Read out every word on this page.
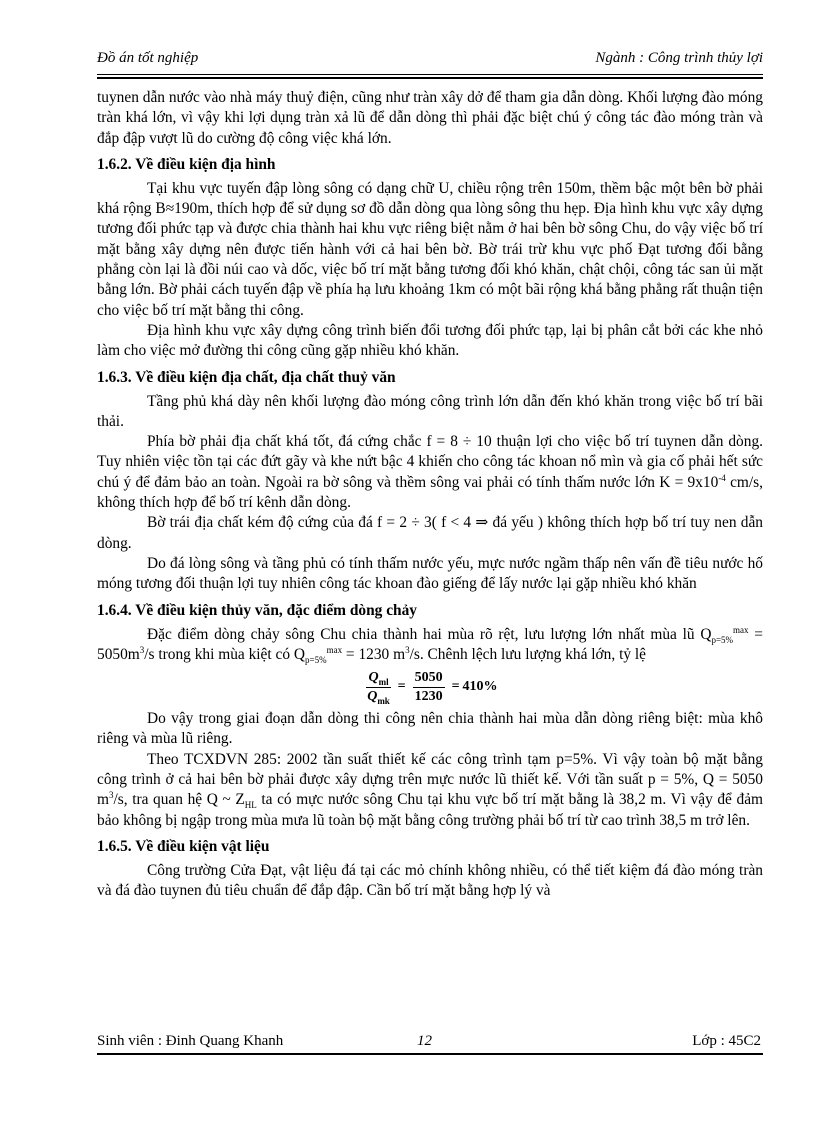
Đồ án tốt nghiệp	Ngành : Công trình thủy lợi

tuynen dẫn nước vào nhà máy thuỷ điện, cũng như tràn xây dở để tham gia dẫn dòng. Khối lượng đào móng tràn khá lớn, vì vậy khi lợi dụng tràn xả lũ để dẫn dòng thì phải đặc biệt chú ý công tác đào móng tràn và đắp đập vượt lũ do cường độ công việc khá lớn.

1.6.2. Về điều kiện địa hình

Tại khu vực tuyến đập lòng sông có dạng chữ U, chiều rộng trên 150m, thềm bậc một bên bờ phải khá rộng B≈190m, thích hợp để sử dụng sơ đồ dẫn dòng qua lòng sông thu hẹp. Địa hình khu vực xây dựng tương đối phức tạp và được chia thành hai khu vực riêng biệt nằm ở hai bên bờ sông Chu, do vậy việc bố trí mặt bằng xây dựng nên được tiến hành với cả hai bên bờ. Bờ trái trừ khu vực phố Đạt tương đối bằng phẳng còn lại là đồi núi cao và dốc, việc bố trí mặt bằng tương đối khó khăn, chật chội, công tác san ủi mặt bằng lớn. Bờ phải cách tuyến đập về phía hạ lưu khoảng 1km có một bãi rộng khá bằng phẳng rất thuận tiện cho việc bố trí mặt bằng thi công.

Địa hình khu vực xây dựng công trình biến đổi tương đối phức tạp, lại bị phân cắt bởi các khe nhỏ làm cho việc mở đường thi công cũng gặp nhiều khó khăn.

1.6.3. Về điều kiện địa chất, địa chất thuỷ văn

Tầng phủ khá dày nên khối lượng đào móng công trình lớn dẫn đến khó khăn trong việc bố trí bãi thải.

Phía bờ phải địa chất khá tốt, đá cứng chắc f = 8 ÷ 10 thuận lợi cho việc bố trí tuynen dẫn dòng. Tuy nhiên việc tồn tại các đứt gãy và khe nứt bậc 4 khiến cho công tác khoan nổ mìn và gia cố phải hết sức chú ý để đảm bảo an toàn. Ngoài ra bờ sông và thềm sông vai phải có tính thấm nước lớn $K = 9x10^{-4}$ cm/s, không thích hợp để bố trí kênh dẫn dòng.

Bờ trái địa chất kém độ cứng của đá f = 2 ÷ 3( f < 4 ⇒ đá yếu ) không thích hợp bố trí tuy nen dẫn dòng.

Do đá lòng sông và tầng phủ có tính thấm nước yếu, mực nước ngầm thấp nên vấn đề tiêu nước hố móng tương đối thuận lợi tuy nhiên công tác khoan đào giếng để lấy nước lại gặp nhiều khó khăn

1.6.4. Về điều kiện thủy văn, đặc điểm dòng chảy

Đặc điểm dòng chảy sông Chu chia thành hai mùa rõ rệt, lưu lượng lớn nhất mùa lũ $Q_{p=5\%}^{max} = 5050m^3/s$ trong khi mùa kiệt có $Q_{p=5\%}^{max} = 1230$ $m^3/s$. Chênh lệch lưu lượng khá lớn, tỷ lệ

$\frac{Q_{ml}}{Q_{mk}} = \frac{5050}{1230} = 410\%$

Do vậy trong giai đoạn dẫn dòng thi công nên chia thành hai mùa dẫn dòng riêng biệt: mùa khô riêng và mùa lũ riêng.

Theo TCXDVN 285: 2002 tần suất thiết kế các công trình tạm p=5%. Vì vậy toàn bộ mặt bằng công trình ở cả hai bên bờ phải được xây dựng trên mực nước lũ thiết kế. Với tần suất p = 5%, Q = 5050 $m^3/s$, tra quan hệ Q ~ $Z_{HL}$ ta có mực nước sông Chu tại khu vực bố trí mặt bằng là 38,2 m. Vì vậy để đảm bảo không bị ngập trong mùa mưa lũ toàn bộ mặt bằng công trường phải bố trí từ cao trình 38,5 m trở lên.

1.6.5. Về điều kiện vật liệu

Công trường Cửa Đạt, vật liệu đá tại các mỏ chính không nhiều, có thể tiết kiệm đá đào móng tràn và đá đào tuynen đủ tiêu chuẩn để đắp đập. Cần bố trí mặt bằng hợp lý và

Sinh viên : Đinh Quang Khanh	12	Lớp : 45C2
